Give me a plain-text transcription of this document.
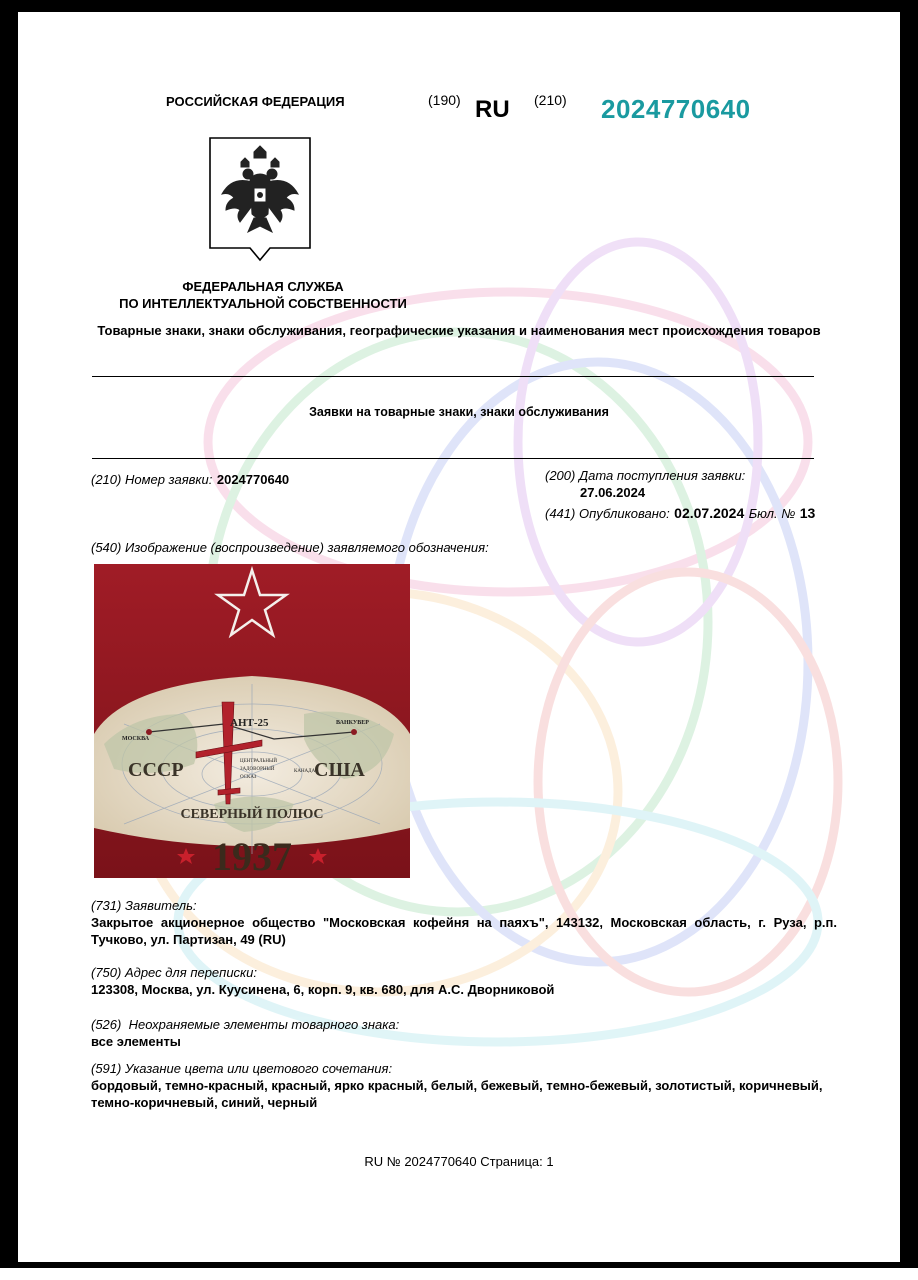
РОССИЙСКАЯ ФЕДЕРАЦИЯ	(190) RU (210) 2024770640
ФЕДЕРАЛЬНАЯ СЛУЖБА
ПО ИНТЕЛЛЕКТУАЛЬНОЙ СОБСТВЕННОСТИ
Товарные знаки, знаки обслуживания, географические указания и наименования мест происхождения товаров
Заявки на товарные знаки, знаки обслуживания
(210) Номер заявки: 2024770640	(200) Дата поступления заявки:
27.06.2024
(441) Опубликовано: 02.07.2024 Бюл. № 13
(540) Изображение (воспроизведение) заявляемого обозначения:
МОСКВА
АНТ-25	ВАНКУВЕР
ЦЕНТРАЛЬНЫЙ
ЗАДОВОРНЫЙ
ОСКАЗ
КАНАДА
СССР	США
СЕВЕРНЫЙ ПОЛЮС
1937
(731) Заявитель:
Закрытое акционерное общество "Московская кофейня на паяхъ", 143132, Московская область, г. Руза, р.п. Тучково, ул. Партизан, 49 (RU)
(750) Адрес для переписки:
123308, Москва, ул. Куусинена, 6, корп. 9, кв. 680, для А.С. Дворниковой
(526)  Неохраняемые элементы товарного знака:
все элементы
(591) Указание цвета или цветового сочетания:
бордовый, темно-красный, красный, ярко красный, белый, бежевый, темно-бежевый, золотистый, коричневый, темно-коричневый, синий, черный
RU № 2024770640 Страница: 1
